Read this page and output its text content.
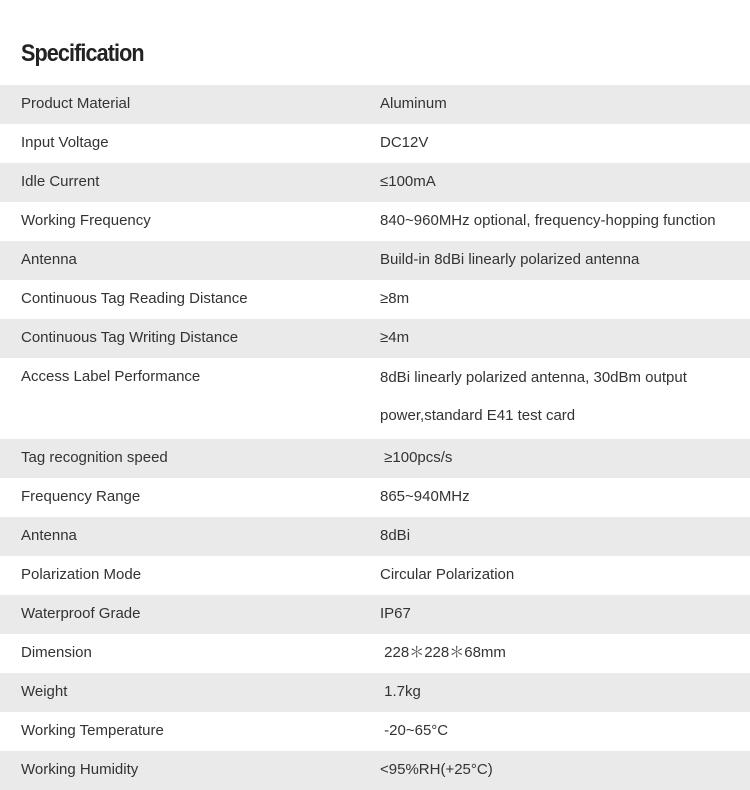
Specification
Product Material	Aluminum
Input Voltage	DC12V
Idle Current	≤100mA
Working Frequency	840~960MHz optional, frequency-hopping function
Antenna	Build-in 8dBi linearly polarized antenna
Continuous Tag Reading Distance	≥8m
Continuous Tag Writing Distance	≥4m
Access Label Performance	8dBi linearly polarized antenna, 30dBm output
power,standard E41 test card
Tag recognition speed	≥100pcs/s
Frequency Range	865~940MHz
Antenna	8dBi
Polarization Mode	Circular Polarization
Waterproof Grade	IP67
Dimension	228＊228＊68mm
Weight	1.7kg
Working Temperature	-20~65°C
Working Humidity	<95%RH(+25°C)
